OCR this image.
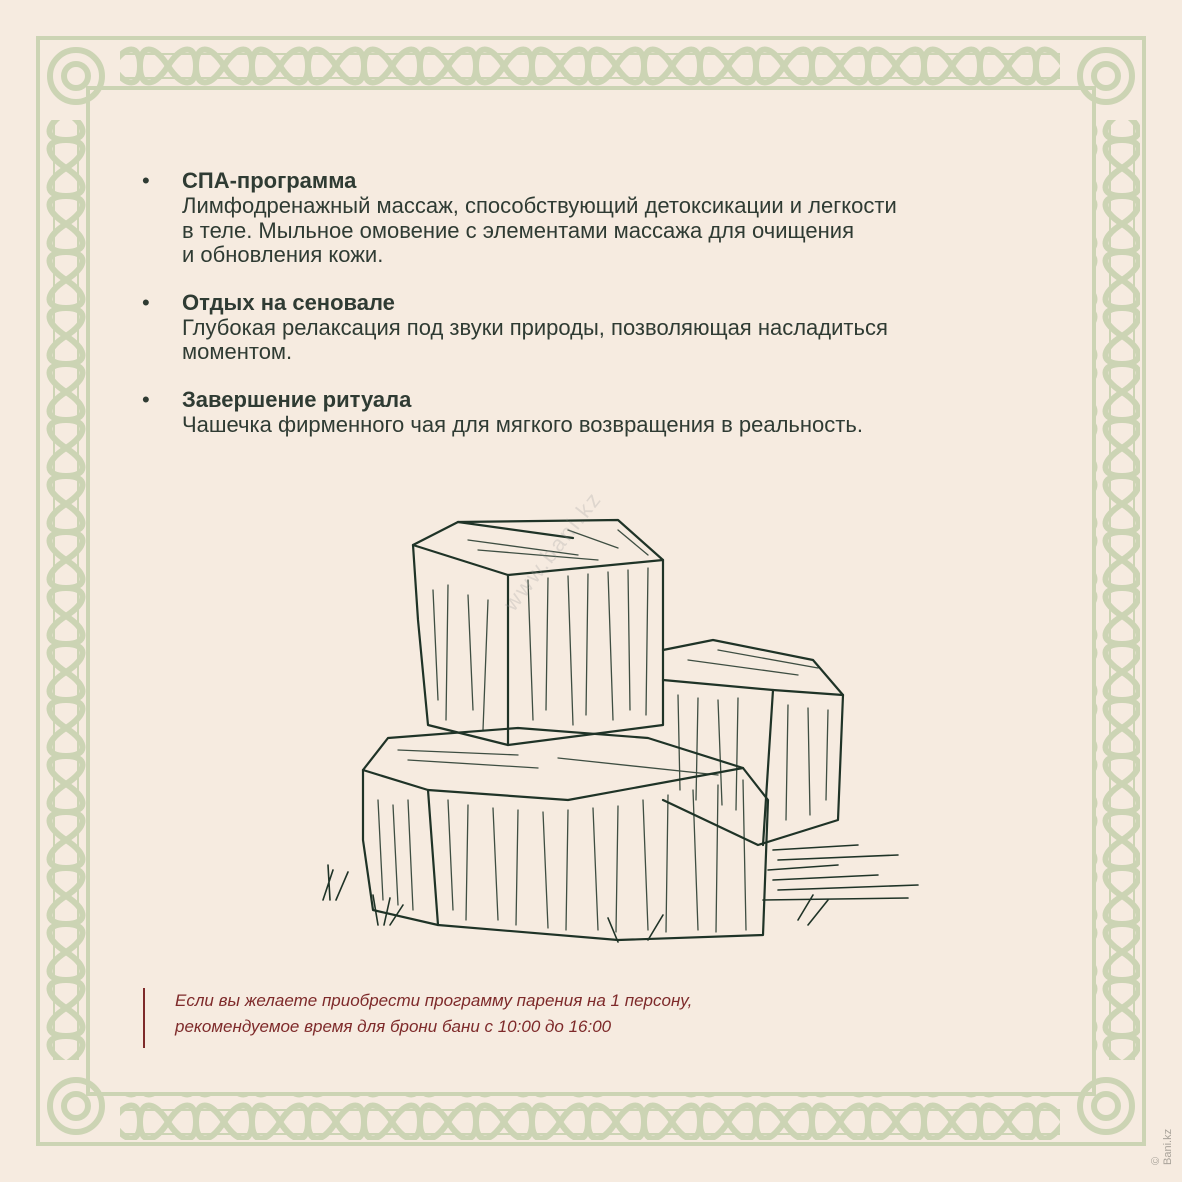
• СПА-программа
Лимфодренажный массаж, способствующий детоксикации и легкости
в теле. Мыльное омовение с элементами массажа для очищения
и обновления кожи.
• Отдых на сеновале
Глубокая релаксация под звуки природы, позволяющая насладиться
моментом.
• Завершение ритуала
Чашечка фирменного чая для мягкого возвращения в реальность.
www.bani.kz
Если вы желаете приобрести программу парения на 1 персону,
рекомендуемое время для брони бани с 10:00 до 16:00
© Bani.kz
